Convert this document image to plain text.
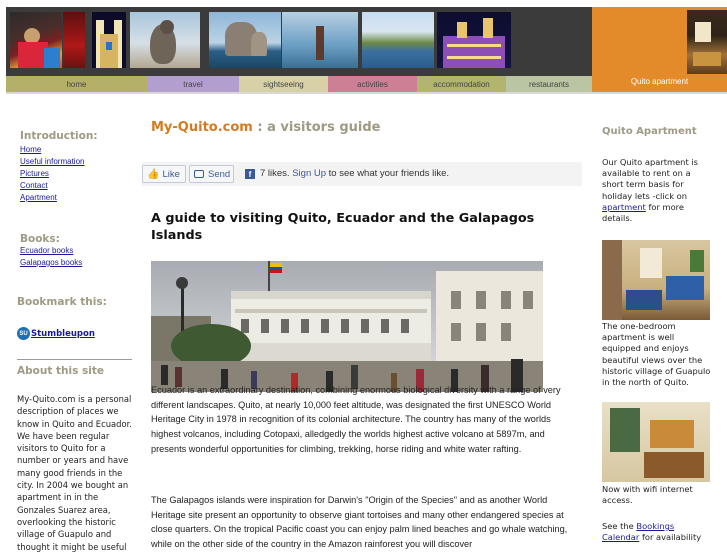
home	travel	sightseeing	activities	accommodation	restaurants	Quito apartment
Introduction:
Home
Useful information
Pictures
Contact
Apartment
Books:
Ecuador books
Galapagos books
Bookmark this:
SU Stumbleupon
About this site
My-Quito.com is a personal description of places we know in Quito and Ecuador. We have been regular visitors to Quito for a number or years and have many good friends in the city. In 2004 we bought an apartment in in the Gonzales Suarez area, overlooking the historic village of Guapulo and thought it might be useful
My-Quito.com : a visitors guide
👍 Like	Send	f 7 likes. Sign Up to see what your friends like.
A guide to visiting Quito, Ecuador and the Galapagos Islands

Ecuador is an extraordinary destination, combining enormous biological diversity with a range of very different landscapes. Quito, at nearly 10,000 feet altitude, was designated the first UNESCO World Heritage City in 1978 in recognition of its colonial architecture. The country has many of the worlds highest volcanos, including Cotopaxi, alledgedly the worlds highest active volcano at 5897m, and presents wonderful opportunities for climbing, trekking, horse riding and white water rafting.

The Galapagos islands were inspiration for Darwin's "Origin of the Species" and as another World Heritage site present an opportunity to observe giant tortoises and many other endangered species at close quarters. On the tropical Pacific coast you can enjoy palm lined beaches and go whale watching, while on the other side of the country in the Amazon rainforest you will discover

Quito Apartment
Our Quito apartment is available to rent on a short term basis for holiday lets -click on apartment for more details.
The one-bedroom apartment is well equipped and enjoys beautiful views over the historic village of Guapulo in the north of Quito.
Now with wifi internet access.
See the Bookings Calendar for availability
